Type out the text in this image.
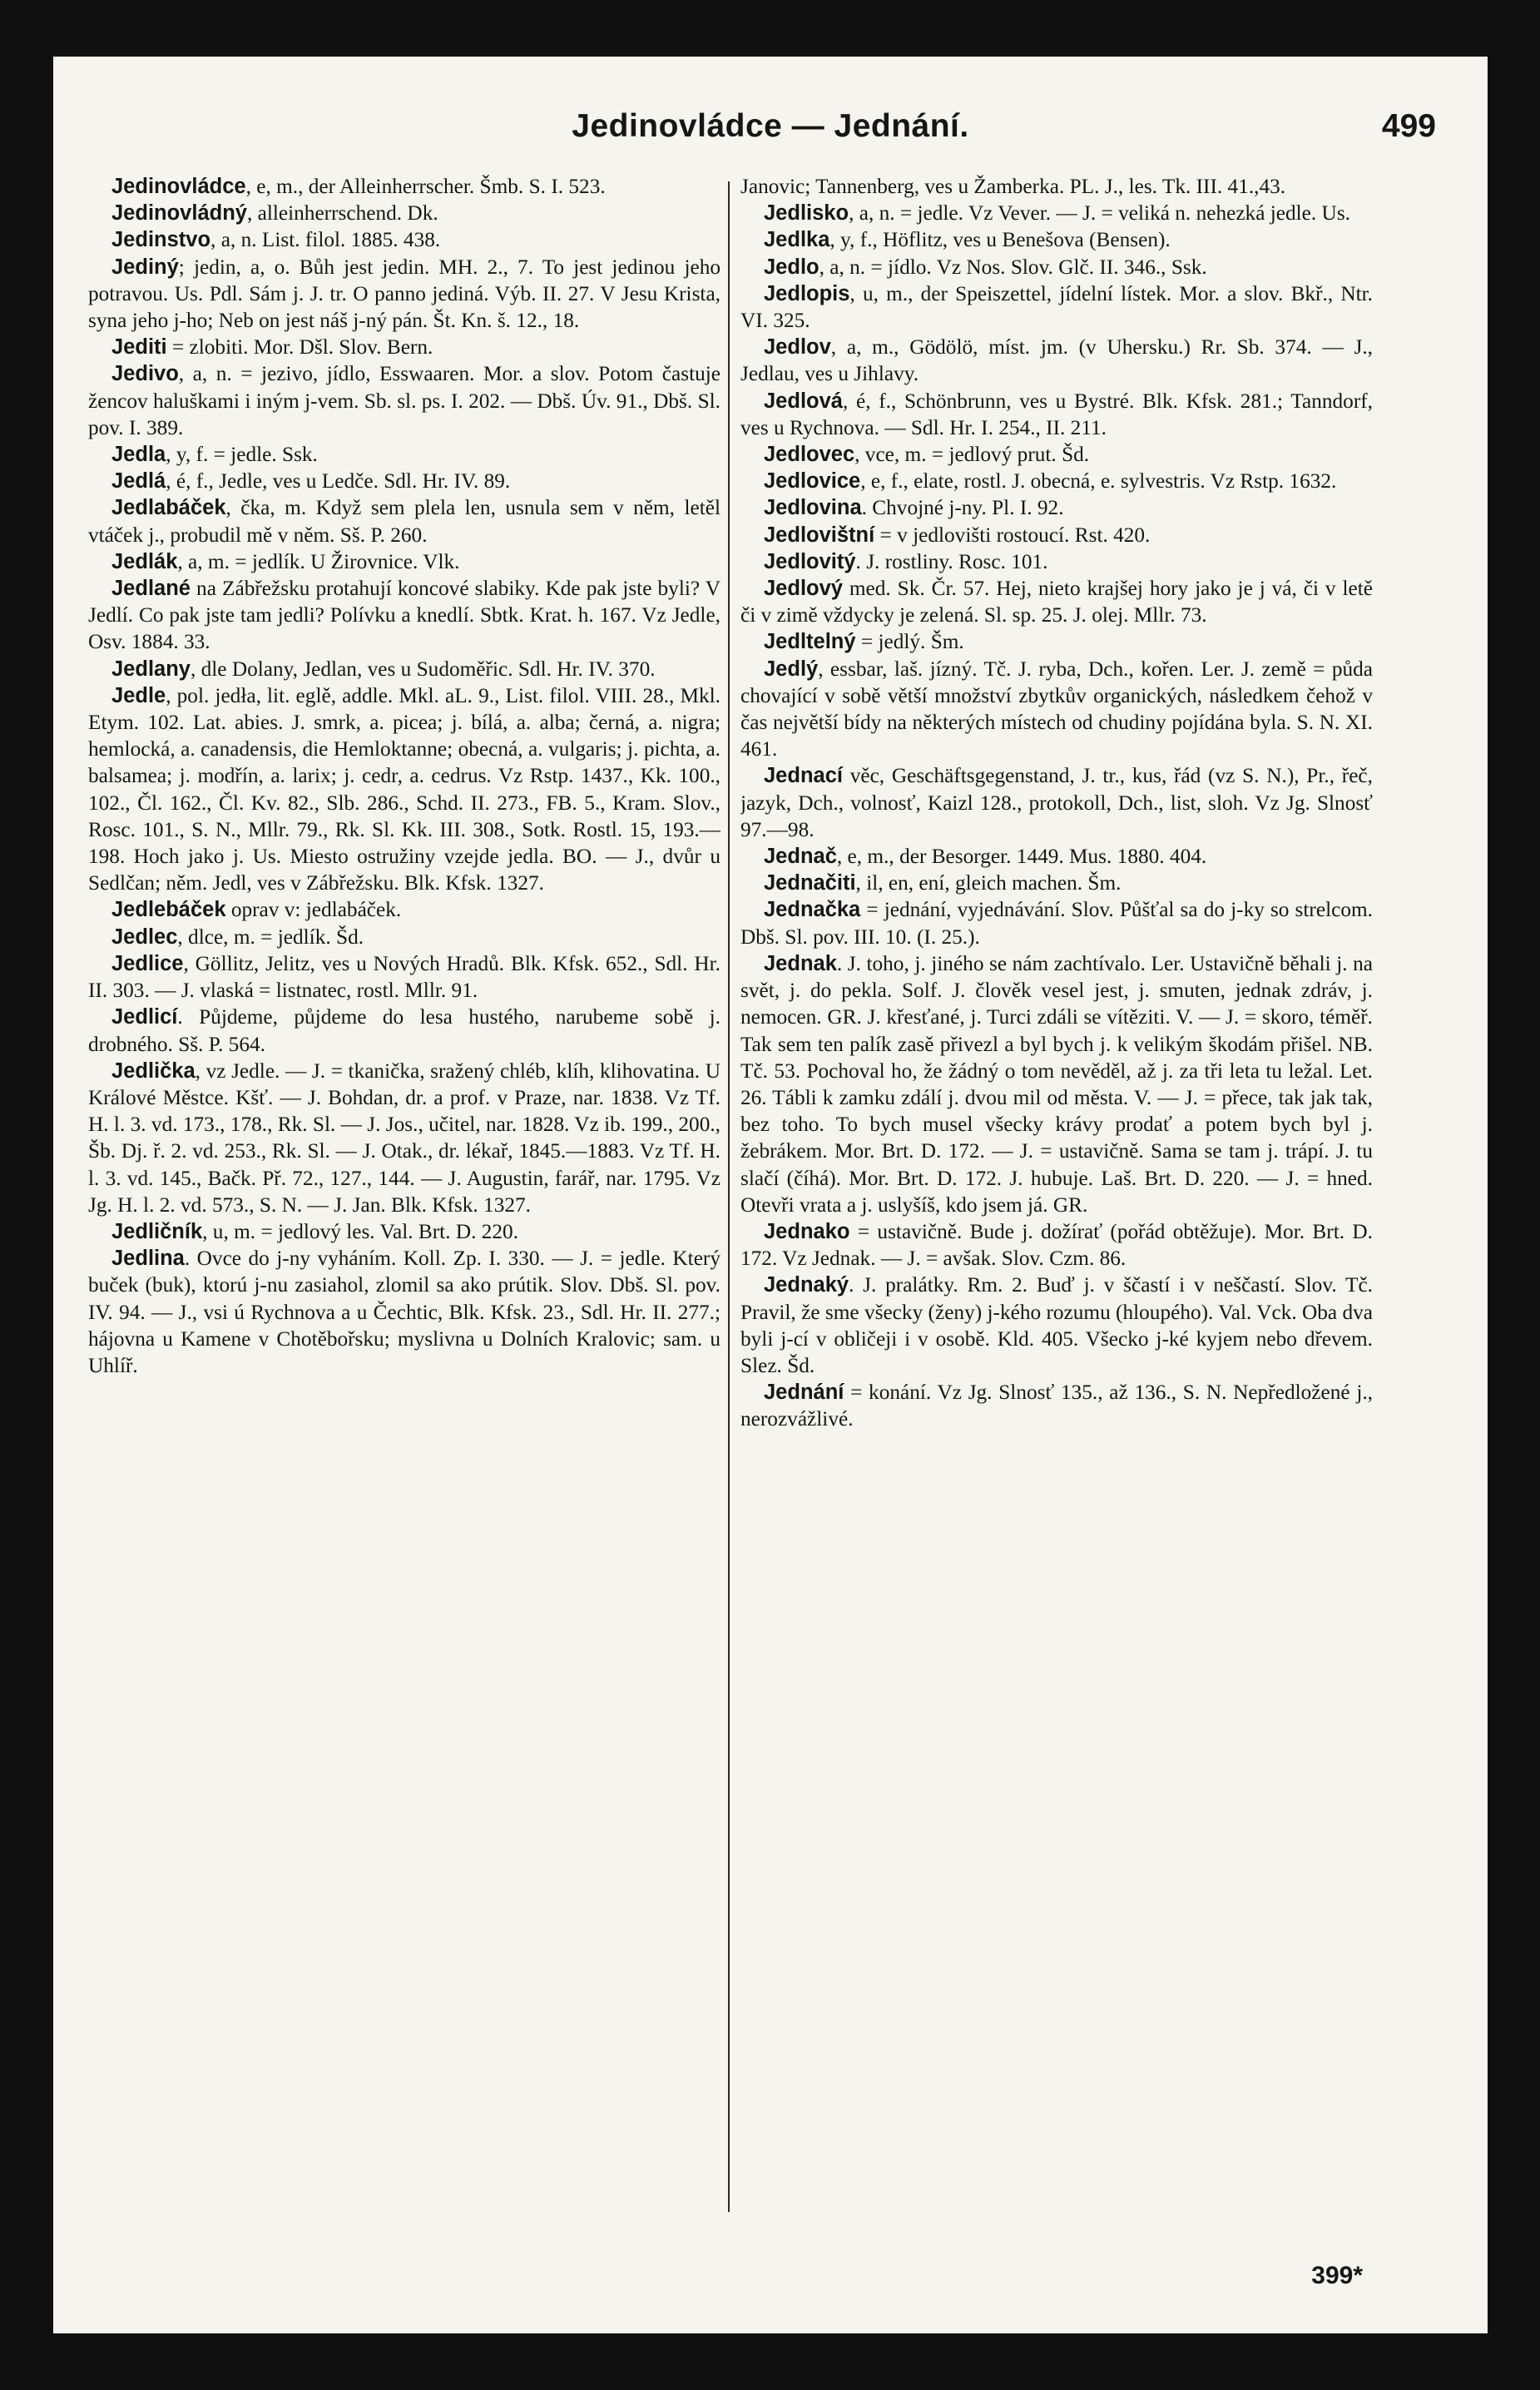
Jedinovládce — Jednání.	499

Jedinovládce, e, m., der Alleinherrscher. Šmb. S. I. 523.

Jedinovládný, alleinherrschend. Dk.

Jedinstvo, a, n. List. filol. 1885. 438.

Jediný; jedin, a, o. Bůh jest jedin. MH. 2., 7. To jest jedinou jeho potravou. Us. Pdl. Sám j. J. tr. O panno jediná. Výb. II. 27. V Jesu Krista, syna jeho j-ho; Neb on jest náš j-ný pán. Št. Kn. š. 12., 18.

Jediti = zlobiti. Mor. Dšl. Slov. Bern.

Jedivo, a, n. = jezivo, jídlo, Esswaaren. Mor. a slov. Potom častuje žencov haluškami i iným j-vem. Sb. sl. ps. I. 202. — Dbš. Úv. 91., Dbš. Sl. pov. I. 389.

Jedla, y, f. = jedle. Ssk.

Jedlá, é, f., Jedle, ves u Ledče. Sdl. Hr. IV. 89.

Jedlabáček, čka, m. Když sem plela len, usnula sem v něm, letěl vtáček j., probudil mě v něm. Sš. P. 260.

Jedlák, a, m. = jedlík. U Žirovnice. Vlk.

Jedlané na Zábřežsku protahují koncové slabiky. Kde pak jste byli? V Jedlí. Co pak jste tam jedli? Polívku a knedlí. Sbtk. Krat. h. 167. Vz Jedle, Osv. 1884. 33.

Jedlany, dle Dolany, Jedlan, ves u Sudoměřic. Sdl. Hr. IV. 370.

Jedle, pol. jedła, lit. eglě, addle. Mkl. aL. 9., List. filol. VIII. 28., Mkl. Etym. 102. Lat. abies. J. smrk, a. picea; j. bílá, a. alba; černá, a. nigra; hemlocká, a. canadensis, die Hemloktanne; obecná, a. vulgaris; j. pichta, a. balsamea; j. modřín, a. larix; j. cedr, a. cedrus. Vz Rstp. 1437., Kk. 100., 102., Čl. 162., Čl. Kv. 82., Slb. 286., Schd. II. 273., FB. 5., Kram. Slov., Rosc. 101., S. N., Mllr. 79., Rk. Sl. Kk. III. 308., Sotk. Rostl. 15, 193.—198. Hoch jako j. Us. Miesto ostružiny vzejde jedla. BO. — J., dvůr u Sedlčan; něm. Jedl, ves v Zábřežsku. Blk. Kfsk. 1327.

Jedlebáček oprav v: jedlabáček.

Jedlec, dlce, m. = jedlík. Šd.

Jedlice, Göllitz, Jelitz, ves u Nových Hradů. Blk. Kfsk. 652., Sdl. Hr. II. 303. — J. vlaská = listnatec, rostl. Mllr. 91.

Jedlicí. Půjdeme, půjdeme do lesa hustého, narubeme sobě j. drobného. Sš. P. 564.

Jedlička, vz Jedle. — J. = tkanička, sražený chléb, klíh, klihovatina. U Králové Městce. Kšť. — J. Bohdan, dr. a prof. v Praze, nar. 1838. Vz Tf. H. l. 3. vd. 173., 178., Rk. Sl. — J. Jos., učitel, nar. 1828. Vz ib. 199., 200., Šb. Dj. ř. 2. vd. 253., Rk. Sl. — J. Otak., dr. lékař, 1845.—1883. Vz Tf. H. l. 3. vd. 145., Bačk. Př. 72., 127., 144. — J. Augustin, farář, nar. 1795. Vz Jg. H. l. 2. vd. 573., S. N. — J. Jan. Blk. Kfsk. 1327.

Jedličník, u, m. = jedlový les. Val. Brt. D. 220.

Jedlina. Ovce do j-ny vyháním. Koll. Zp. I. 330. — J. = jedle. Který buček (buk), ktorú j-nu zasiahol, zlomil sa ako prútik. Slov. Dbš. Sl. pov. IV. 94. — J., vsi ú Rychnova a u Čechtic, Blk. Kfsk. 23., Sdl. Hr. II. 277.; hájovna u Kamene v Chotěbořsku; myslivna u Dolních Kralovic; sam. u Uhlíř.

Janovic; Tannenberg, ves u Žamberka. PL. J., les. Tk. III. 41.,43.

Jedlisko, a, n. = jedle. Vz Vever. — J. = veliká n. nehezká jedle. Us.

Jedlka, y, f., Höflitz, ves u Benešova (Bensen).

Jedlo, a, n. = jídlo. Vz Nos. Slov. Glč. II. 346., Ssk.

Jedlopis, u, m., der Speiszettel, jídelní lístek. Mor. a slov. Bkř., Ntr. VI. 325.

Jedlov, a, m., Gödölö, míst. jm. (v Uhersku.) Rr. Sb. 374. — J., Jedlau, ves u Jihlavy.

Jedlová, é, f., Schönbrunn, ves u Bystré. Blk. Kfsk. 281.; Tanndorf, ves u Rychnova. — Sdl. Hr. I. 254., II. 211.

Jedlovec, vce, m. = jedlový prut. Šd.

Jedlovice, e, f., elate, rostl. J. obecná, e. sylvestris. Vz Rstp. 1632.

Jedlovina. Chvojné j-ny. Pl. I. 92.

Jedlovištní = v jedlovišti rostoucí. Rst. 420.

Jedlovitý. J. rostliny. Rosc. 101.

Jedlový med. Sk. Čr. 57. Hej, nieto krajšej hory jako je j vá, či v letě či v zimě vždycky je zelená. Sl. sp. 25. J. olej. Mllr. 73.

Jedltelný = jedlý. Šm.

Jedlý, essbar, laš. jízný. Tč. J. ryba, Dch., kořen. Ler. J. země = půda chovající v sobě větší množství zbytkův organických, následkem čehož v čas největší bídy na některých místech od chudiny pojídána byla. S. N. XI. 461.

Jednací věc, Geschäftsgegenstand, J. tr., kus, řád (vz S. N.), Pr., řeč, jazyk, Dch., volnosť, Kaizl 128., protokoll, Dch., list, sloh. Vz Jg. Slnosť 97.—98.

Jednač, e, m., der Besorger. 1449. Mus. 1880. 404.

Jednačiti, il, en, ení, gleich machen. Šm.

Jednačka = jednání, vyjednávání. Slov. Půšťal sa do j-ky so strelcom. Dbš. Sl. pov. III. 10. (I. 25.).

Jednak. J. toho, j. jiného se nám zachtívalo. Ler. Ustavičně běhali j. na svět, j. do pekla. Solf. J. člověk vesel jest, j. smuten, jednak zdráv, j. nemocen. GR. J. křesťané, j. Turci zdáli se vítěziti. V. — J. = skoro, téměř. Tak sem ten palík zasě přivezl a byl bych j. k velikým škodám přišel. NB. Tč. 53. Pochoval ho, že žádný o tom nevěděl, až j. za tři leta tu ležal. Let. 26. Tábli k zamku zdálí j. dvou mil od města. V. — J. = přece, tak jak tak, bez toho. To bych musel všecky krávy prodať a potem bych byl j. žebrákem. Mor. Brt. D. 172. — J. = ustavičně. Sama se tam j. trápí. J. tu slačí (číhá). Mor. Brt. D. 172. J. hubuje. Laš. Brt. D. 220. — J. = hned. Otevři vrata a j. uslyšíš, kdo jsem já. GR.

Jednako = ustavičně. Bude j. dožírať (pořád obtěžuje). Mor. Brt. D. 172. Vz Jednak. — J. = avšak. Slov. Czm. 86.

Jednaký. J. pralátky. Rm. 2. Buď j. v ščastí i v neščastí. Slov. Tč. Pravil, že sme všecky (ženy) j-kého rozumu (hloupého). Val. Vck. Oba dva byli j-cí v obličeji i v osobě. Kld. 405. Všecko j-ké kyjem nebo dřevem. Slez. Šd.

Jednání = konání. Vz Jg. Slnosť 135., až 136., S. N. Nepředložené j., nerozvážlivé.

399*
